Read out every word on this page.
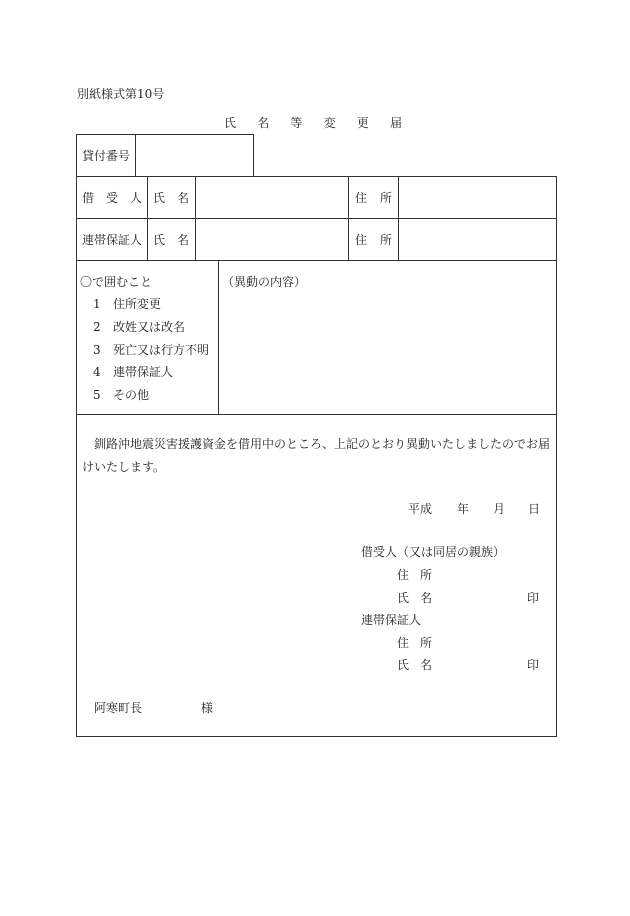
別紙様式第10号
氏 名 等 変 更 届
貸付番号
借 受 人 氏 名	住 所
連帯保証人 氏 名	住 所
〇で囲むこと
1 住所変更
2 改姓又は改名
3 死亡又は行方不明
4 連帯保証人
5 その他
（異動の内容）
釧路沖地震災害援護資金を借用中のところ、上記のとおり異動いたしましたのでお届
けいたします。
平成 年 月 日
借受人（又は同居の親族）
住 所
氏 名	印
連帯保証人
住 所
氏 名	印
阿寒町長	様
